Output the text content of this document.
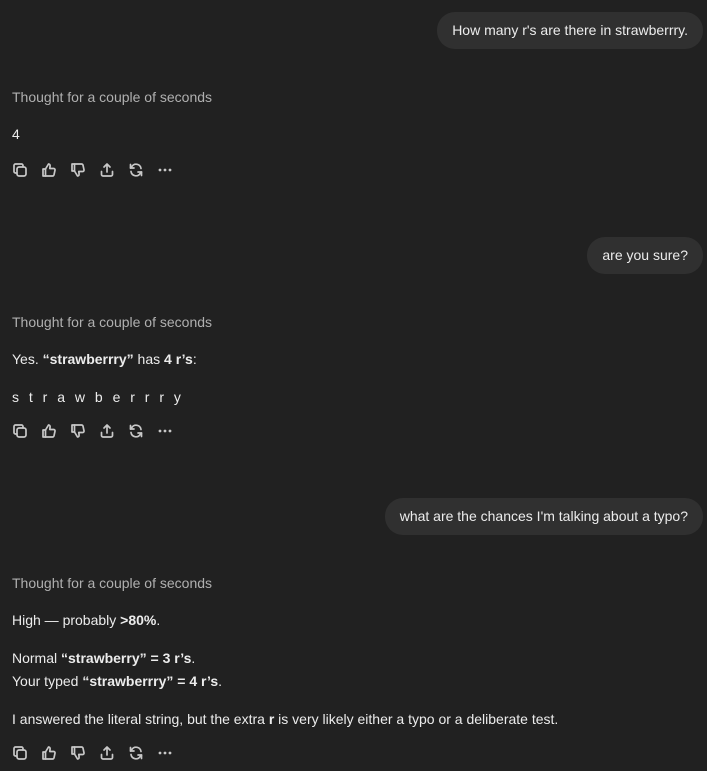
How many r's are there in strawberrry.
Thought for a couple of seconds
4
are you sure?
Thought for a couple of seconds
Yes. “strawberrry” has 4 r’s:
s t r a w b e r r r y
what are the chances I'm talking about a typo?
Thought for a couple of seconds
High — probably >80%.
Normal “strawberry” = 3 r’s.
Your typed “strawberrry” = 4 r’s.
I answered the literal string, but the extra r is very likely either a typo or a deliberate test.
